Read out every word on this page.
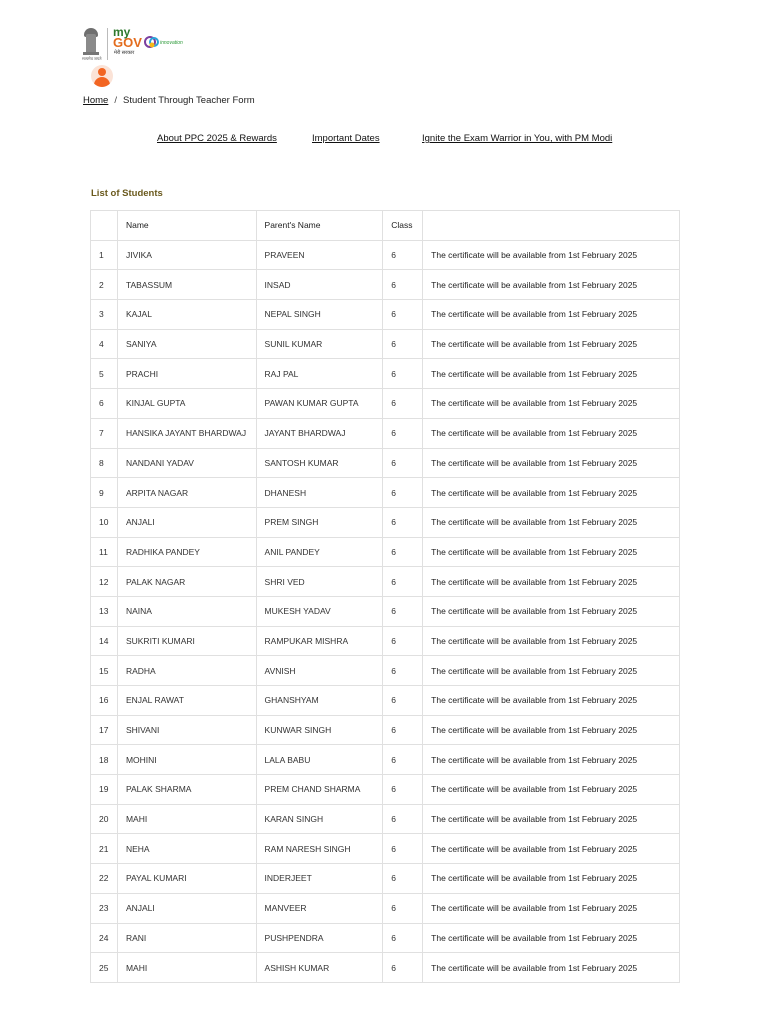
सत्यमेव जयते
my
GOV
मेरी सरकार
innovation
Home / Student Through Teacher Form
About PPC 2025 & Rewards	Important Dates	Ignite the Exam Warrior in You, with PM Modi
List of Students
	Name	Parent's Name	Class	
1	JIVIKA	PRAVEEN	6	The certificate will be available from 1st February 2025
2	TABASSUM	INSAD	6	The certificate will be available from 1st February 2025
3	KAJAL	NEPAL SINGH	6	The certificate will be available from 1st February 2025
4	SANIYA	SUNIL KUMAR	6	The certificate will be available from 1st February 2025
5	PRACHI	RAJ PAL	6	The certificate will be available from 1st February 2025
6	KINJAL GUPTA	PAWAN KUMAR GUPTA	6	The certificate will be available from 1st February 2025
7	HANSIKA JAYANT BHARDWAJ	JAYANT BHARDWAJ	6	The certificate will be available from 1st February 2025
8	NANDANI YADAV	SANTOSH KUMAR	6	The certificate will be available from 1st February 2025
9	ARPITA NAGAR	DHANESH	6	The certificate will be available from 1st February 2025
10	ANJALI	PREM SINGH	6	The certificate will be available from 1st February 2025
11	RADHIKA PANDEY	ANIL PANDEY	6	The certificate will be available from 1st February 2025
12	PALAK NAGAR	SHRI VED	6	The certificate will be available from 1st February 2025
13	NAINA	MUKESH YADAV	6	The certificate will be available from 1st February 2025
14	SUKRITI KUMARI	RAMPUKAR MISHRA	6	The certificate will be available from 1st February 2025
15	RADHA	AVNISH	6	The certificate will be available from 1st February 2025
16	ENJAL RAWAT	GHANSHYAM	6	The certificate will be available from 1st February 2025
17	SHIVANI	KUNWAR SINGH	6	The certificate will be available from 1st February 2025
18	MOHINI	LALA BABU	6	The certificate will be available from 1st February 2025
19	PALAK SHARMA	PREM CHAND SHARMA	6	The certificate will be available from 1st February 2025
20	MAHI	KARAN SINGH	6	The certificate will be available from 1st February 2025
21	NEHA	RAM NARESH SINGH	6	The certificate will be available from 1st February 2025
22	PAYAL KUMARI	INDERJEET	6	The certificate will be available from 1st February 2025
23	ANJALI	MANVEER	6	The certificate will be available from 1st February 2025
24	RANI	PUSHPENDRA	6	The certificate will be available from 1st February 2025
25	MAHI	ASHISH KUMAR	6	The certificate will be available from 1st February 2025
